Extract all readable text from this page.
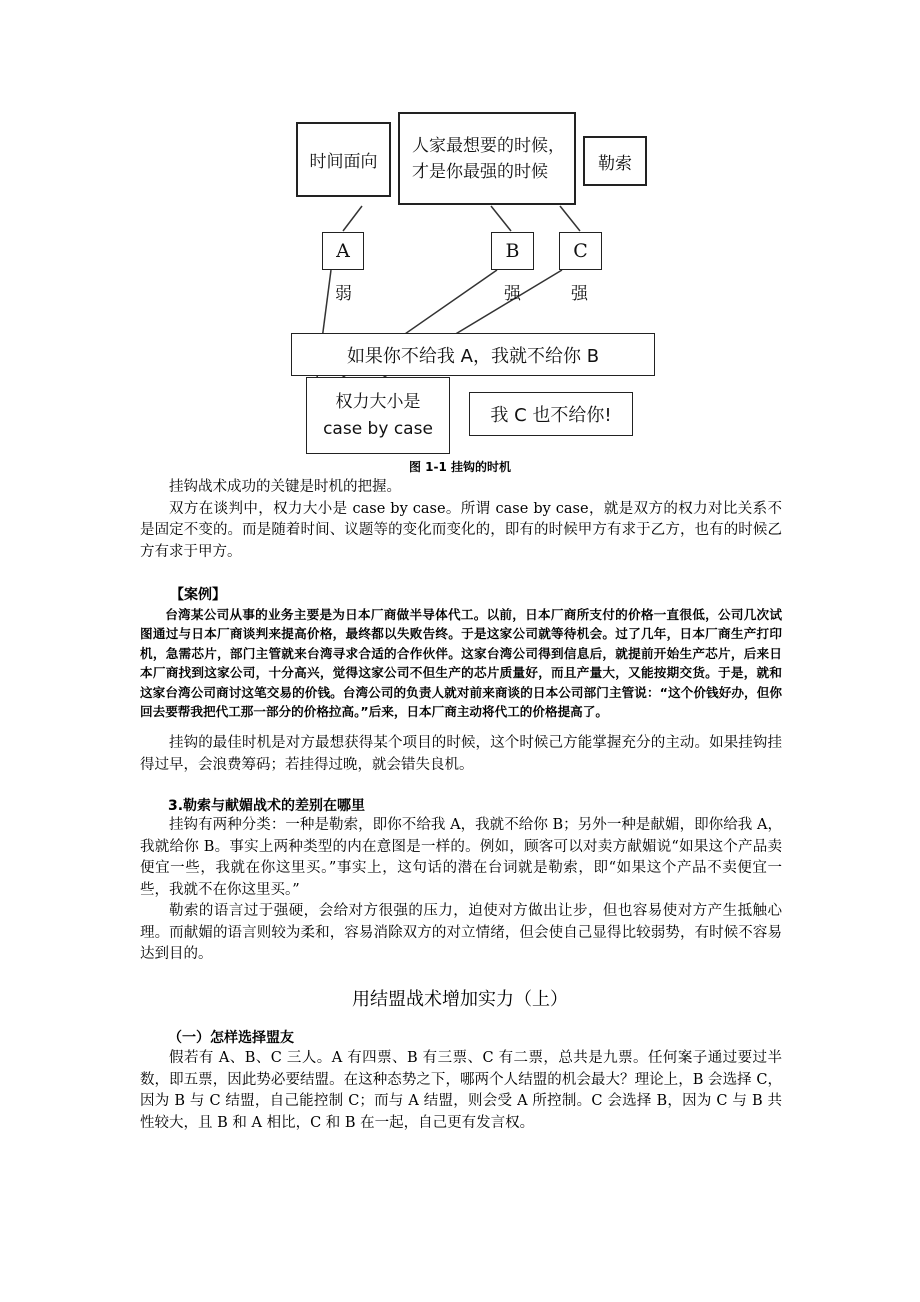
时间面向
人家最想要的时候，才是你最强的时候	勒索
A	B	C
弱	强	强
如果你不给我 A，我就不给你 B
权力大小是
case by case
我 C 也不给你!
图 1-1 挂钩的时机

挂钩战术成功的关键是时机的把握。

双方在谈判中，权力大小是 case by case。所谓 case by case，就是双方的权力对比关系不是固定不变的。而是随着时间、议题等的变化而变化的，即有的时候甲方有求于乙方，也有的时候乙方有求于甲方。

【案例】
台湾某公司从事的业务主要是为日本厂商做半导体代工。以前，日本厂商所支付的价格一直很低，公司几次试图通过与日本厂商谈判来提高价格，最终都以失败告终。于是这家公司就等待机会。过了几年，日本厂商生产打印机，急需芯片，部门主管就来台湾寻求合适的合作伙伴。这家台湾公司得到信息后，就提前开始生产芯片，后来日本厂商找到这家公司，十分高兴，觉得这家公司不但生产的芯片质量好，而且产量大，又能按期交货。于是，就和这家台湾公司商讨这笔交易的价钱。台湾公司的负责人就对前来商谈的日本公司部门主管说：“这个价钱好办，但你回去要帮我把代工那一部分的价格拉高。”后来，日本厂商主动将代工的价格提高了。

挂钩的最佳时机是对方最想获得某个项目的时候，这个时候己方能掌握充分的主动。如果挂钩挂得过早，会浪费筹码；若挂得过晚，就会错失良机。

3.勒索与献媚战术的差别在哪里

挂钩有两种分类：一种是勒索，即你不给我 A，我就不给你 B；另外一种是献媚，即你给我 A，我就给你 B。事实上两种类型的内在意图是一样的。例如，顾客可以对卖方献媚说“如果这个产品卖便宜一些，我就在你这里买。”事实上，这句话的潜在台词就是勒索，即“如果这个产品不卖便宜一些，我就不在你这里买。”

勒索的语言过于强硬，会给对方很强的压力，迫使对方做出让步，但也容易使对方产生抵触心理。而献媚的语言则较为柔和，容易消除双方的对立情绪，但会使自己显得比较弱势，有时候不容易达到目的。

用结盟战术增加实力（上）
（一）怎样选择盟友

假若有 A、B、C 三人。A 有四票、B 有三票、C 有二票，总共是九票。任何案子通过要过半数，即五票，因此势必要结盟。在这种态势之下，哪两个人结盟的机会最大？理论上，B 会选择 C，因为 B 与 C 结盟，自己能控制 C；而与 A 结盟，则会受 A 所控制。C 会选择 B，因为 C 与 B 共性较大，且 B 和 A 相比，C 和 B 在一起，自己更有发言权。
